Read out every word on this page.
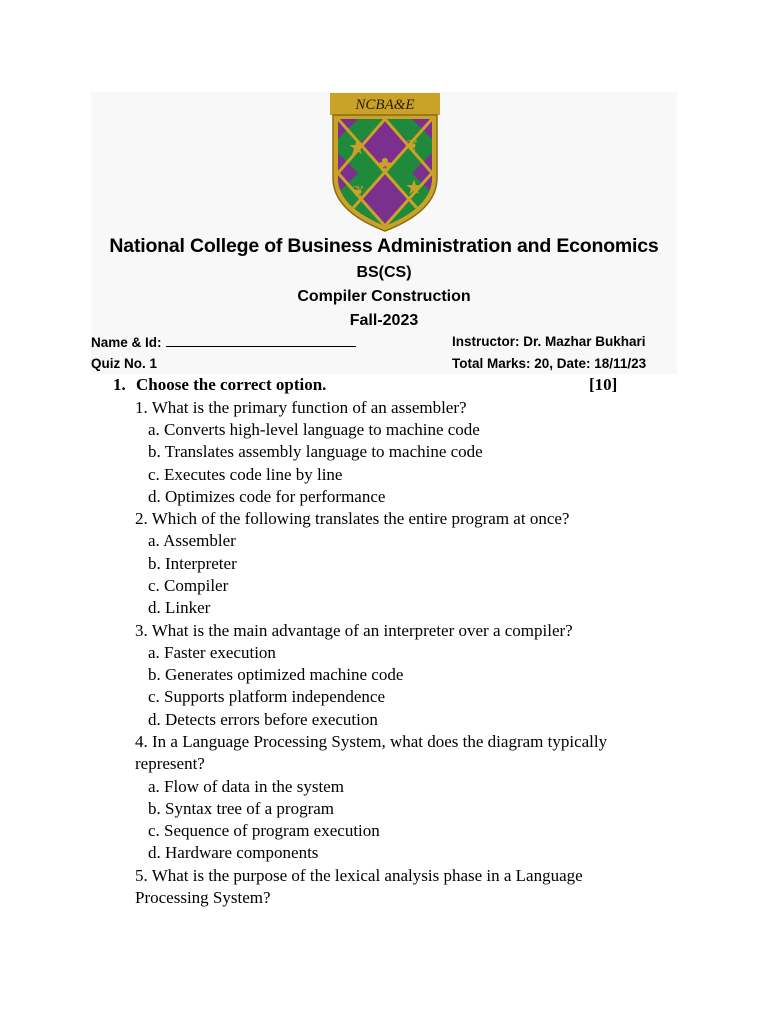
NCBA&E
★
★
♣
❦
❦
National College of Business Administration and Economics
BS(CS)
Compiler Construction
Fall-2023
Name & Id:
Quiz No. 1
Instructor: Dr. Mazhar Bukhari
Total Marks: 20, Date: 18/11/23
1. Choose the correct option.	[10]
1. What is the primary function of an assembler?
a. Converts high-level language to machine code
b. Translates assembly language to machine code
c. Executes code line by line
d. Optimizes code for performance
2. Which of the following translates the entire program at once?
a. Assembler
b. Interpreter
c. Compiler
d. Linker
3. What is the main advantage of an interpreter over a compiler?
a. Faster execution
b. Generates optimized machine code
c. Supports platform independence
d. Detects errors before execution
4. In a Language Processing System, what does the diagram typically
represent?
a. Flow of data in the system
b. Syntax tree of a program
c. Sequence of program execution
d. Hardware components
5. What is the purpose of the lexical analysis phase in a Language
Processing System?
